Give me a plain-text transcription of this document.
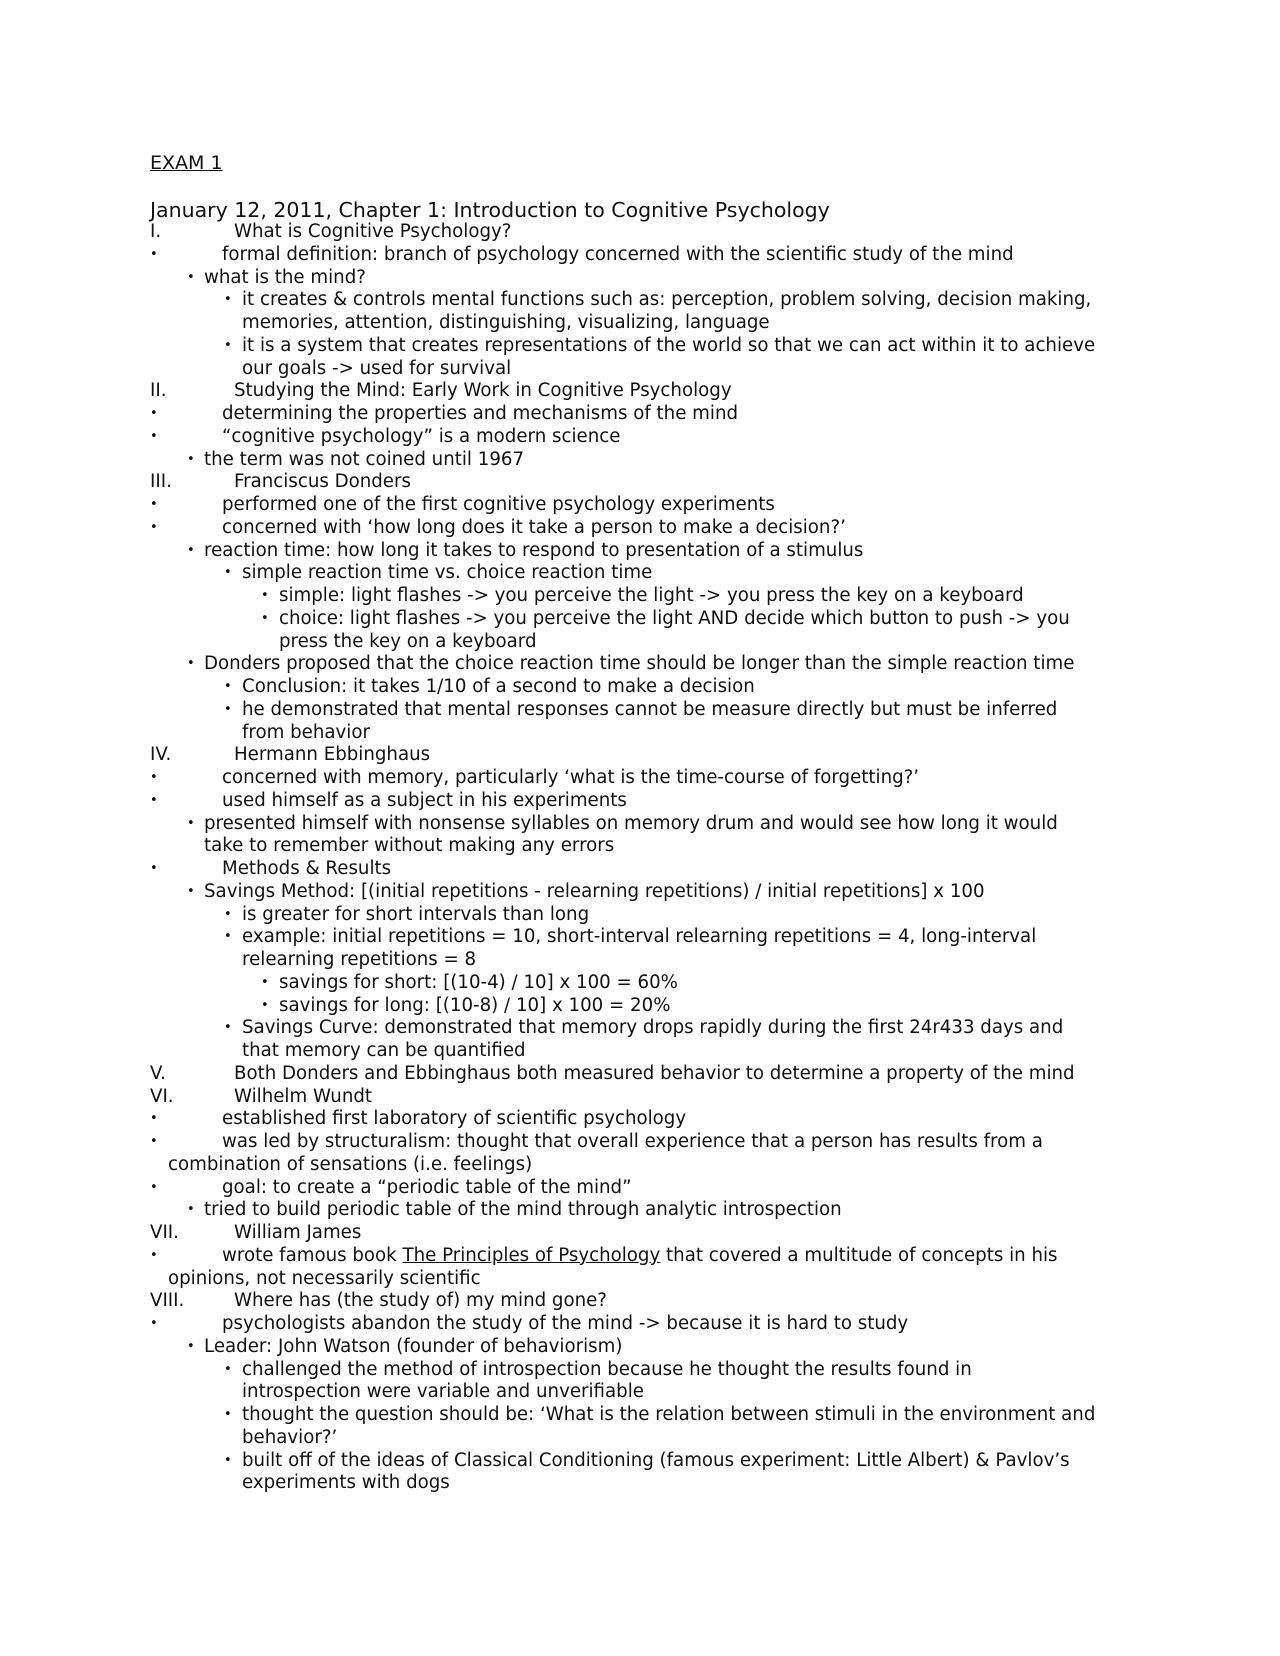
EXAM 1
January 12, 2011, Chapter 1: Introduction to Cognitive Psychology
I.	What is Cognitive Psychology?
•	formal definition: branch of psychology concerned with the scientific study of the mind
• what is the mind?
• it creates & controls mental functions such as: perception, problem solving, decision making,
memories, attention, distinguishing, visualizing, language
• it is a system that creates representations of the world so that we can act within it to achieve
our goals -> used for survival
II.	Studying the Mind: Early Work in Cognitive Psychology
•	determining the properties and mechanisms of the mind
•	“cognitive psychology” is a modern science
• the term was not coined until 1967
III.	Franciscus Donders
•	performed one of the first cognitive psychology experiments
•	concerned with ‘how long does it take a person to make a decision?’
• reaction time: how long it takes to respond to presentation of a stimulus
• simple reaction time vs. choice reaction time
• simple: light flashes -> you perceive the light -> you press the key on a keyboard
• choice: light flashes -> you perceive the light AND decide which button to push -> you
press the key on a keyboard
• Donders proposed that the choice reaction time should be longer than the simple reaction time
• Conclusion: it takes 1/10 of a second to make a decision
• he demonstrated that mental responses cannot be measure directly but must be inferred
from behavior
IV.	Hermann Ebbinghaus
•	concerned with memory, particularly ‘what is the time-course of forgetting?’
•	used himself as a subject in his experiments
• presented himself with nonsense syllables on memory drum and would see how long it would
take to remember without making any errors
•	Methods & Results
• Savings Method: [(initial repetitions - relearning repetitions) / initial repetitions] x 100
• is greater for short intervals than long
• example: initial repetitions = 10, short-interval relearning repetitions = 4, long-interval
relearning repetitions = 8
• savings for short: [(10-4) / 10] x 100 = 60%
• savings for long: [(10-8) / 10] x 100 = 20%
• Savings Curve: demonstrated that memory drops rapidly during the first 24r433 days and
that memory can be quantified
V.	Both Donders and Ebbinghaus both measured behavior to determine a property of the mind
VI.	Wilhelm Wundt
•	established first laboratory of scientific psychology
•	was led by structuralism: thought that overall experience that a person has results from a
combination of sensations (i.e. feelings)
•	goal: to create a “periodic table of the mind”
• tried to build periodic table of the mind through analytic introspection
VII.	William James
•	wrote famous book The Principles of Psychology that covered a multitude of concepts in his
opinions, not necessarily scientific
VIII.	Where has (the study of) my mind gone?
•	psychologists abandon the study of the mind -> because it is hard to study
• Leader: John Watson (founder of behaviorism)
• challenged the method of introspection because he thought the results found in
introspection were variable and unverifiable
• thought the question should be: ‘What is the relation between stimuli in the environment and
behavior?’
• built off of the ideas of Classical Conditioning (famous experiment: Little Albert) & Pavlov’s
experiments with dogs
